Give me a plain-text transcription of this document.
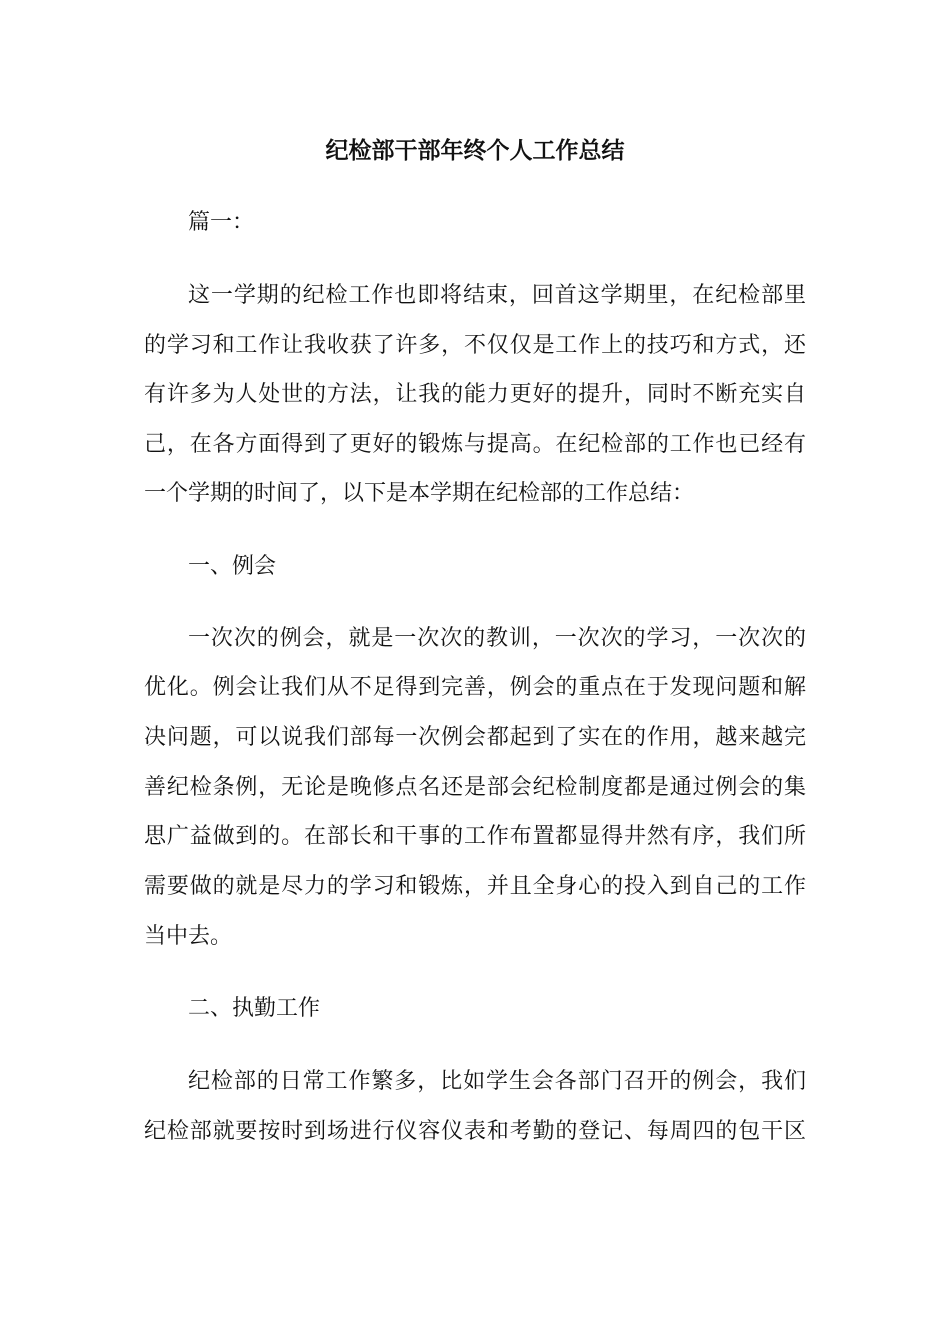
纪检部干部年终个人工作总结
篇一：
这一学期的纪检工作也即将结束，回首这学期里，在纪检部里
的学习和工作让我收获了许多，不仅仅是工作上的技巧和方式，还
有许多为人处世的方法，让我的能力更好的提升，同时不断充实自
己，在各方面得到了更好的锻炼与提高。在纪检部的工作也已经有
一个学期的时间了，以下是本学期在纪检部的工作总结：
一、例会
一次次的例会，就是一次次的教训，一次次的学习，一次次的
优化。例会让我们从不足得到完善，例会的重点在于发现问题和解
决问题，可以说我们部每一次例会都起到了实在的作用，越来越完
善纪检条例，无论是晚修点名还是部会纪检制度都是通过例会的集
思广益做到的。在部长和干事的工作布置都显得井然有序，我们所
需要做的就是尽力的学习和锻炼，并且全身心的投入到自己的工作
当中去。
二、执勤工作
纪检部的日常工作繁多，比如学生会各部门召开的例会，我们
纪检部就要按时到场进行仪容仪表和考勤的登记、每周四的包干区
